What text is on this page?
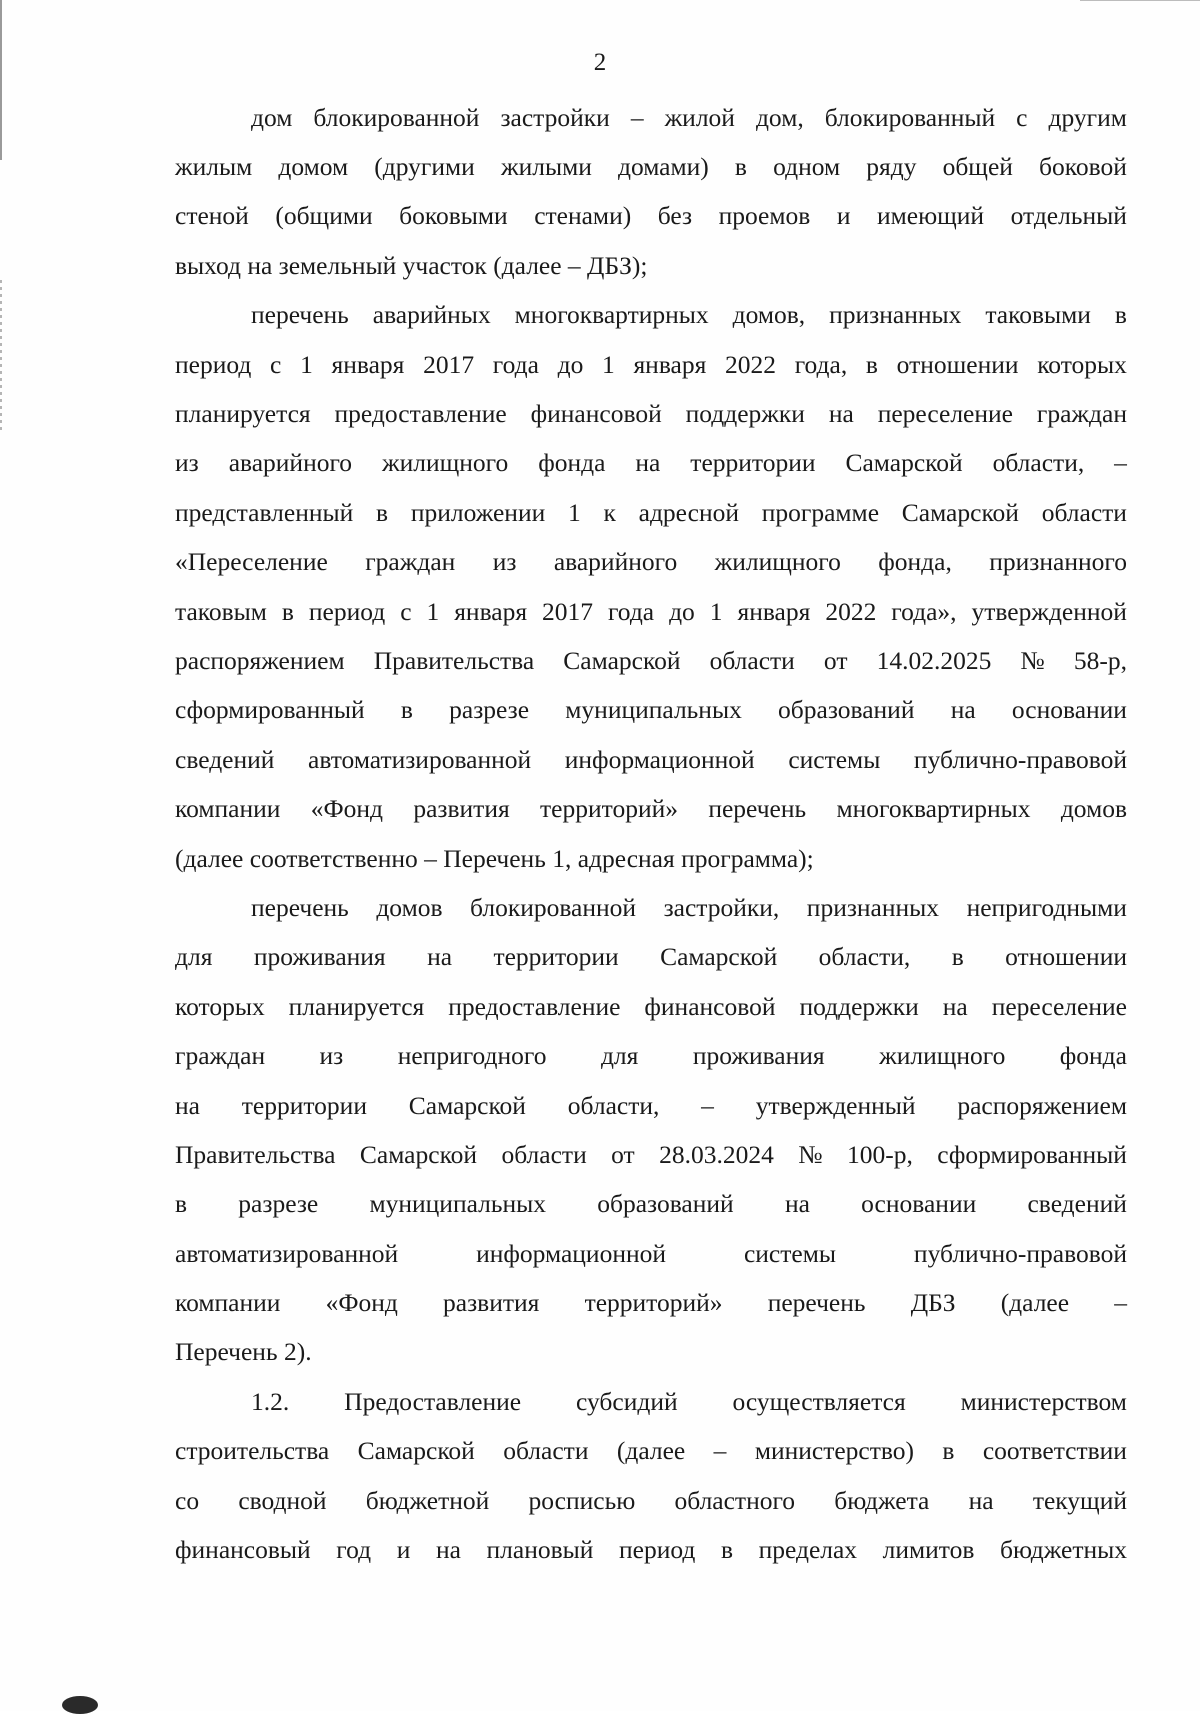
2
дом блокированной застройки – жилой дом, блокированный с другим
жилым домом (другими жилыми домами) в одном ряду общей боковой
стеной (общими боковыми стенами) без проемов и имеющий отдельный
выход на земельный участок (далее – ДБЗ);
перечень аварийных многоквартирных домов, признанных таковыми в
период с 1 января 2017 года до 1 января 2022 года, в отношении которых
планируется предоставление финансовой поддержки на переселение граждан
из аварийного жилищного фонда на территории Самарской области, –
представленный в приложении 1 к адресной программе Самарской области
«Переселение граждан из аварийного жилищного фонда, признанного
таковым в период с 1 января 2017 года до 1 января 2022 года», утвержденной
распоряжением Правительства Самарской области от 14.02.2025 № 58-р,
сформированный в разрезе муниципальных образований на основании
сведений автоматизированной информационной системы публично-правовой
компании «Фонд развития территорий» перечень многоквартирных домов
(далее соответственно – Перечень 1, адресная программа);
перечень домов блокированной застройки, признанных непригодными
для проживания на территории Самарской области, в отношении
которых планируется предоставление финансовой поддержки на переселение
граждан из непригодного для проживания жилищного фонда
на территории Самарской области, – утвержденный распоряжением
Правительства Самарской области от 28.03.2024 № 100-р, сформированный
в разрезе муниципальных образований на основании сведений
автоматизированной	информационной	системы	публично-правовой
компании «Фонд развития территорий» перечень ДБЗ (далее –
Перечень 2).
1.2. Предоставление субсидий осуществляется министерством
строительства Самарской области (далее – министерство) в соответствии
со сводной бюджетной росписью областного бюджета на текущий
финансовый год и на плановый период в пределах лимитов бюджетных
